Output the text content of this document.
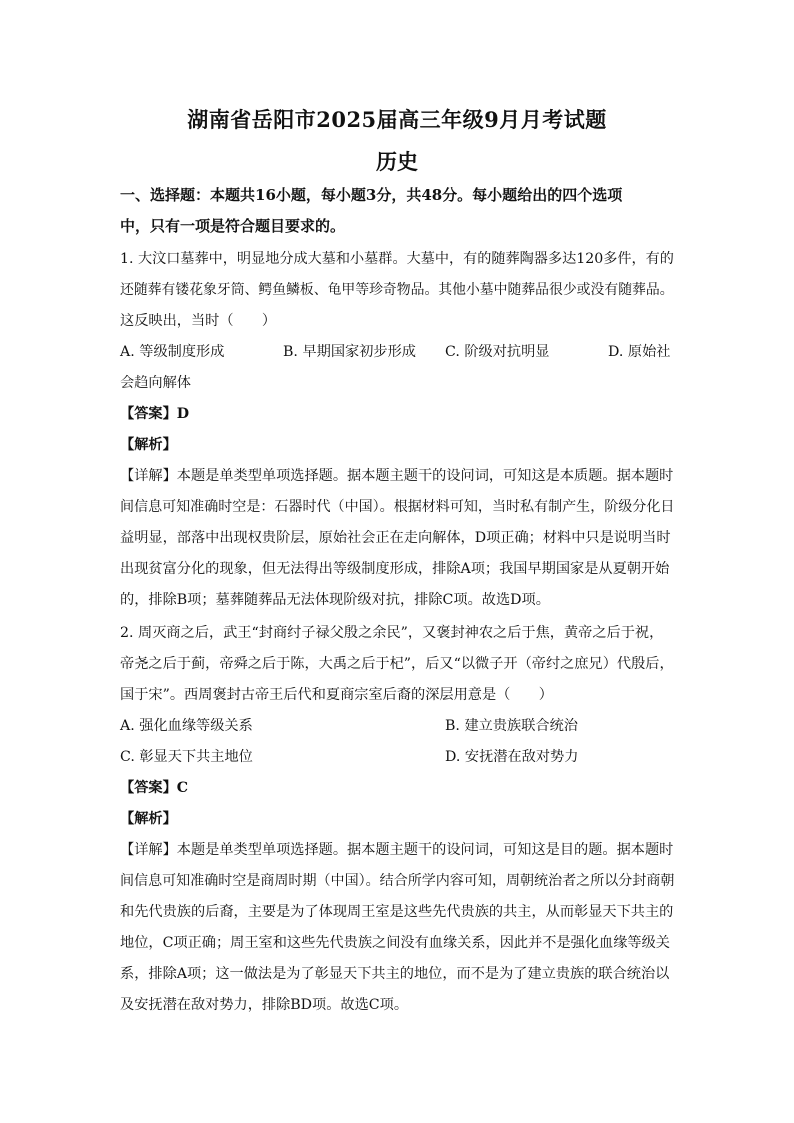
湖南省岳阳市2025届高三年级9月月考试题
历史
一、选择题：本题共16小题，每小题3分，共48分。每小题给出的四个选项
中，只有一项是符合题目要求的。
1. 大汶口墓葬中，明显地分成大墓和小墓群。大墓中，有的随葬陶器多达120多件，有的
还随葬有镂花象牙筒、鳄鱼鳞板、龟甲等珍奇物品。其他小墓中随葬品很少或没有随葬品。
这反映出，当时（　　）
A. 等级制度形成	B. 早期国家初步形成 C. 阶级对抗明显	D. 原始社
会趋向解体
【答案】D
【解析】
【详解】本题是单类型单项选择题。据本题主题干的设问词，可知这是本质题。据本题时
间信息可知准确时空是：石器时代（中国）。根据材料可知，当时私有制产生，阶级分化日
益明显，部落中出现权贵阶层，原始社会正在走向解体，D项正确；材料中只是说明当时
出现贫富分化的现象，但无法得出等级制度形成，排除A项；我国早期国家是从夏朝开始
的，排除B项；墓葬随葬品无法体现阶级对抗，排除C项。故选D项。
2. 周灭商之后，武王“封商纣子禄父殷之余民”，又褒封神农之后于焦，黄帝之后于祝，
帝尧之后于蓟，帝舜之后于陈，大禹之后于杞”，后又“以微子开（帝纣之庶兄）代殷后，
国于宋”。西周褒封古帝王后代和夏商宗室后裔的深层用意是（　　）
A. 强化血缘等级关系	B. 建立贵族联合统治
C. 彰显天下共主地位	D. 安抚潜在敌对势力
【答案】C
【解析】
【详解】本题是单类型单项选择题。据本题主题干的设问词，可知这是目的题。据本题时
间信息可知准确时空是商周时期（中国）。结合所学内容可知，周朝统治者之所以分封商朝
和先代贵族的后裔，主要是为了体现周王室是这些先代贵族的共主，从而彰显天下共主的
地位，C项正确；周王室和这些先代贵族之间没有血缘关系，因此并不是强化血缘等级关
系，排除A项；这一做法是为了彰显天下共主的地位，而不是为了建立贵族的联合统治以
及安抚潜在敌对势力，排除BD项。故选C项。
